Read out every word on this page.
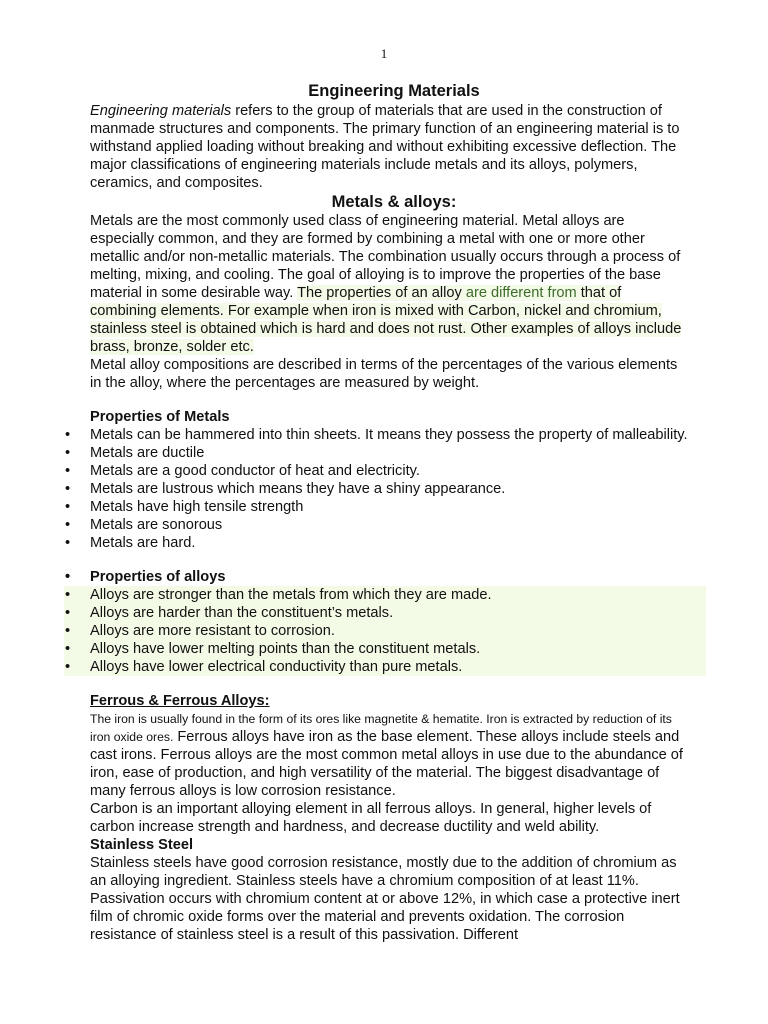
1
Engineering Materials

Engineering materials refers to the group of materials that are used in the construction of manmade structures and components. The primary function of an engineering material is to withstand applied loading without breaking and without exhibiting excessive deflection. The major classifications of engineering materials include metals and its alloys, polymers, ceramics, and composites.

Metals & alloys:

Metals are the most commonly used class of engineering material. Metal alloys are especially common, and they are formed by combining a metal with one or more other metallic and/or non-metallic materials. The combination usually occurs through a process of melting, mixing, and cooling. The goal of alloying is to improve the properties of the base material in some desirable way. The properties of an alloy are different from that of combining elements. For example when iron is mixed with Carbon, nickel and chromium, stainless steel is obtained which is hard and does not rust. Other examples of alloys include brass, bronze, solder etc.

Metal alloy compositions are described in terms of the percentages of the various elements in the alloy, where the percentages are measured by weight.

Properties of Metals

• Metals can be hammered into thin sheets. It means they possess the property of malleability.
• Metals are ductile
• Metals are a good conductor of heat and electricity.
• Metals are lustrous which means they have a shiny appearance.
• Metals have high tensile strength
• Metals are sonorous
• Metals are hard.
• Properties of alloys
• Alloys are stronger than the metals from which they are made.
• Alloys are harder than the constituent’s metals.
• Alloys are more resistant to corrosion.
• Alloys have lower melting points than the constituent metals.
• Alloys have lower electrical conductivity than pure metals.

Ferrous & Ferrous Alloys:

The iron is usually found in the form of its ores like magnetite & hematite. Iron is extracted by reduction of its iron oxide ores. Ferrous alloys have iron as the base element. These alloys include steels and cast irons. Ferrous alloys are the most common metal alloys in use due to the abundance of iron, ease of production, and high versatility of the material. The biggest disadvantage of many ferrous alloys is low corrosion resistance.

Carbon is an important alloying element in all ferrous alloys. In general, higher levels of carbon increase strength and hardness, and decrease ductility and weld ability.

Stainless Steel

Stainless steels have good corrosion resistance, mostly due to the addition of chromium as an alloying ingredient. Stainless steels have a chromium composition of at least 11%. Passivation occurs with chromium content at or above 12%, in which case a protective inert film of chromic oxide forms over the material and prevents oxidation. The corrosion resistance of stainless steel is a result of this passivation. Different
